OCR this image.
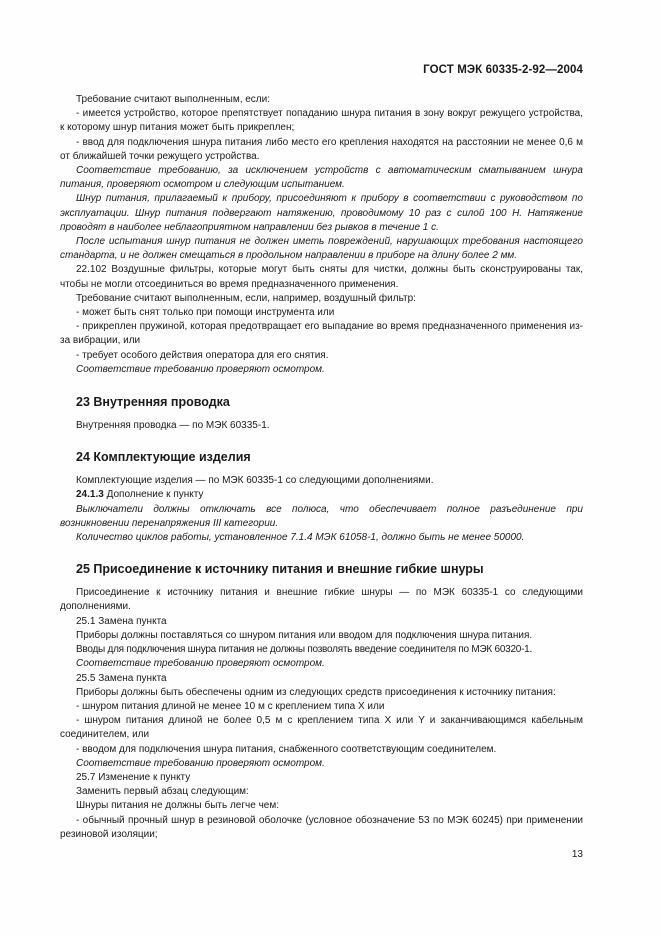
ГОСТ МЭК 60335-2-92—2004

Требование считают выполненным, если:

- имеется устройство, которое препятствует попаданию шнура питания в зону вокруг режущего устройства, к которому шнур питания может быть прикреплен;

- ввод для подключения шнура питания либо место его крепления находятся на расстоянии не менее 0,6 м от ближайшей точки режущего устройства.

Соответствие требованию, за исключением устройств с автоматическим сматыванием шнура питания, проверяют осмотром и следующим испытанием.

Шнур питания, прилагаемый к прибору, присоединяют к прибору в соответствии с руководством по эксплуатации. Шнур питания подвергают натяжению, проводимому 10 раз с силой 100 Н. Натяжение проводят в наиболее неблагоприятном направлении без рывков в течение 1 с.

После испытания шнур питания не должен иметь повреждений, нарушающих требования настоящего стандарта, и не должен смещаться в продольном направлении в приборе на длину более 2 мм.

22.102 Воздушные фильтры, которые могут быть сняты для чистки, должны быть сконструированы так, чтобы не могли отсоединиться во время предназначенного применения.

Требование считают выполненным, если, например, воздушный фильтр:

- может быть снят только при помощи инструмента или

- прикреплен пружиной, которая предотвращает его выпадание во время предназначенного применения из-за вибрации, или

- требует особого действия оператора для его снятия.

Соответствие требованию проверяют осмотром.

23 Внутренняя проводка

Внутренняя проводка — по МЭК 60335-1.

24 Комплектующие изделия

Комплектующие изделия — по МЭК 60335-1 со следующими дополнениями.

24.1.3 Дополнение к пункту

Выключатели должны отключать все полюса, что обеспечивает полное разъединение при возникновении перенапряжения III категории.

Количество циклов работы, установленное 7.1.4 МЭК 61058-1, должно быть не менее 50000.

25 Присоединение к источнику питания и внешние гибкие шнуры

Присоединение к источнику питания и внешние гибкие шнуры — по МЭК 60335-1 со следующими дополнениями.

25.1 Замена пункта

Приборы должны поставляться со шнуром питания или вводом для подключения шнура питания.

Вводы для подключения шнура питания не должны позволять введение соединителя по МЭК 60320-1.

Соответствие требованию проверяют осмотром.

25.5 Замена пункта

Приборы должны быть обеспечены одним из следующих средств присоединения к источнику питания:

- шнуром питания длиной не менее 10 м с креплением типа X или

- шнуром питания длиной не более 0,5 м с креплением типа X или Y и заканчивающимся кабельным соединителем, или

- вводом для подключения шнура питания, снабженного соответствующим соединителем.

Соответствие требованию проверяют осмотром.

25.7 Изменение к пункту

Заменить первый абзац следующим:

Шнуры питания не должны быть легче чем:

- обычный прочный шнур в резиновой оболочке (условное обозначение 53 по МЭК 60245) при применении резиновой изоляции;

13
